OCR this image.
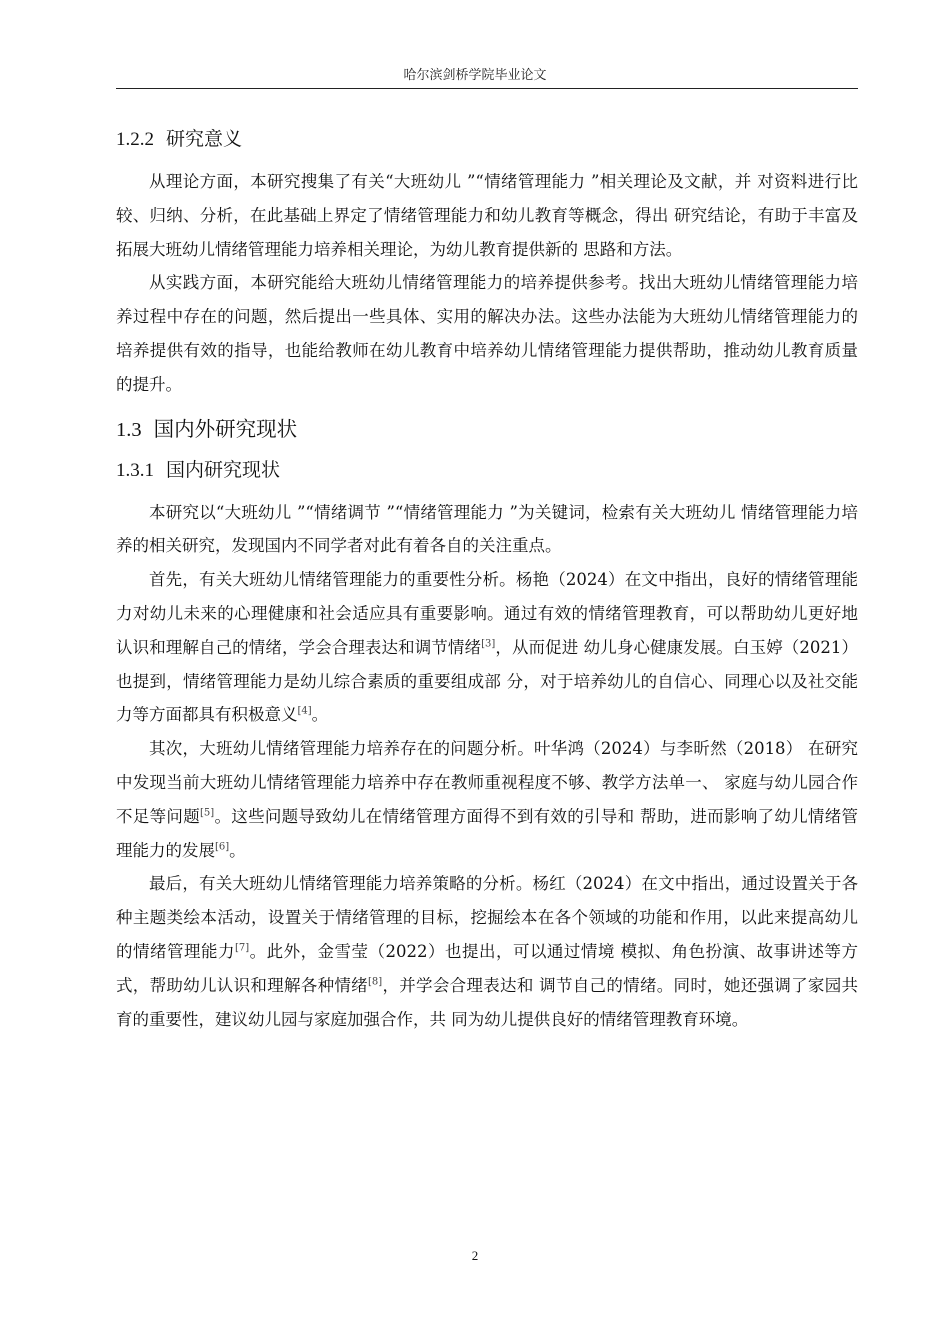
哈尔滨剑桥学院毕业论文
1.2.2 研究意义

从理论方面，本研究搜集了有关“大班幼儿 ”“情绪管理能力 ”相关理论及文献，并 对资料进行比较、归纳、分析，在此基础上界定了情绪管理能力和幼儿教育等概念，得出 研究结论，有助于丰富及拓展大班幼儿情绪管理能力培养相关理论，为幼儿教育提供新的 思路和方法。

从实践方面，本研究能给大班幼儿情绪管理能力的培养提供参考。找出大班幼儿情绪管理能力培养过程中存在的问题，然后提出一些具体、实用的解决办法。这些办法能为大班幼儿情绪管理能力的培养提供有效的指导，也能给教师在幼儿教育中培养幼儿情绪管理能力提供帮助，推动幼儿教育质量的提升。

1.3 国内外研究现状
1.3.1 国内研究现状

本研究以“大班幼儿 ”“情绪调节 ”“情绪管理能力 ”为关键词，检索有关大班幼儿 情绪管理能力培养的相关研究，发现国内不同学者对此有着各自的关注重点。

首先，有关大班幼儿情绪管理能力的重要性分析。杨艳（2024）在文中指出，良好的情绪管理能力对幼儿未来的心理健康和社会适应具有重要影响。通过有效的情绪管理教育，可以帮助幼儿更好地认识和理解自己的情绪，学会合理表达和调节情绪[3]，从而促进 幼儿身心健康发展。白玉婷（2021）也提到，情绪管理能力是幼儿综合素质的重要组成部 分，对于培养幼儿的自信心、同理心以及社交能力等方面都具有积极意义[4]。

其次，大班幼儿情绪管理能力培养存在的问题分析。叶华鸿（2024）与李昕然（2018） 在研究中发现当前大班幼儿情绪管理能力培养中存在教师重视程度不够、教学方法单一、 家庭与幼儿园合作不足等问题[5]。这些问题导致幼儿在情绪管理方面得不到有效的引导和 帮助，进而影响了幼儿情绪管理能力的发展[6]。

最后，有关大班幼儿情绪管理能力培养策略的分析。杨红（2024）在文中指出，通过设置关于各种主题类绘本活动，设置关于情绪管理的目标，挖掘绘本在各个领域的功能和作用，以此来提高幼儿的情绪管理能力[7]。此外，金雪莹（2022）也提出，可以通过情境 模拟、角色扮演、故事讲述等方式，帮助幼儿认识和理解各种情绪[8]，并学会合理表达和 调节自己的情绪。同时，她还强调了家园共育的重要性，建议幼儿园与家庭加强合作，共 同为幼儿提供良好的情绪管理教育环境。

2
